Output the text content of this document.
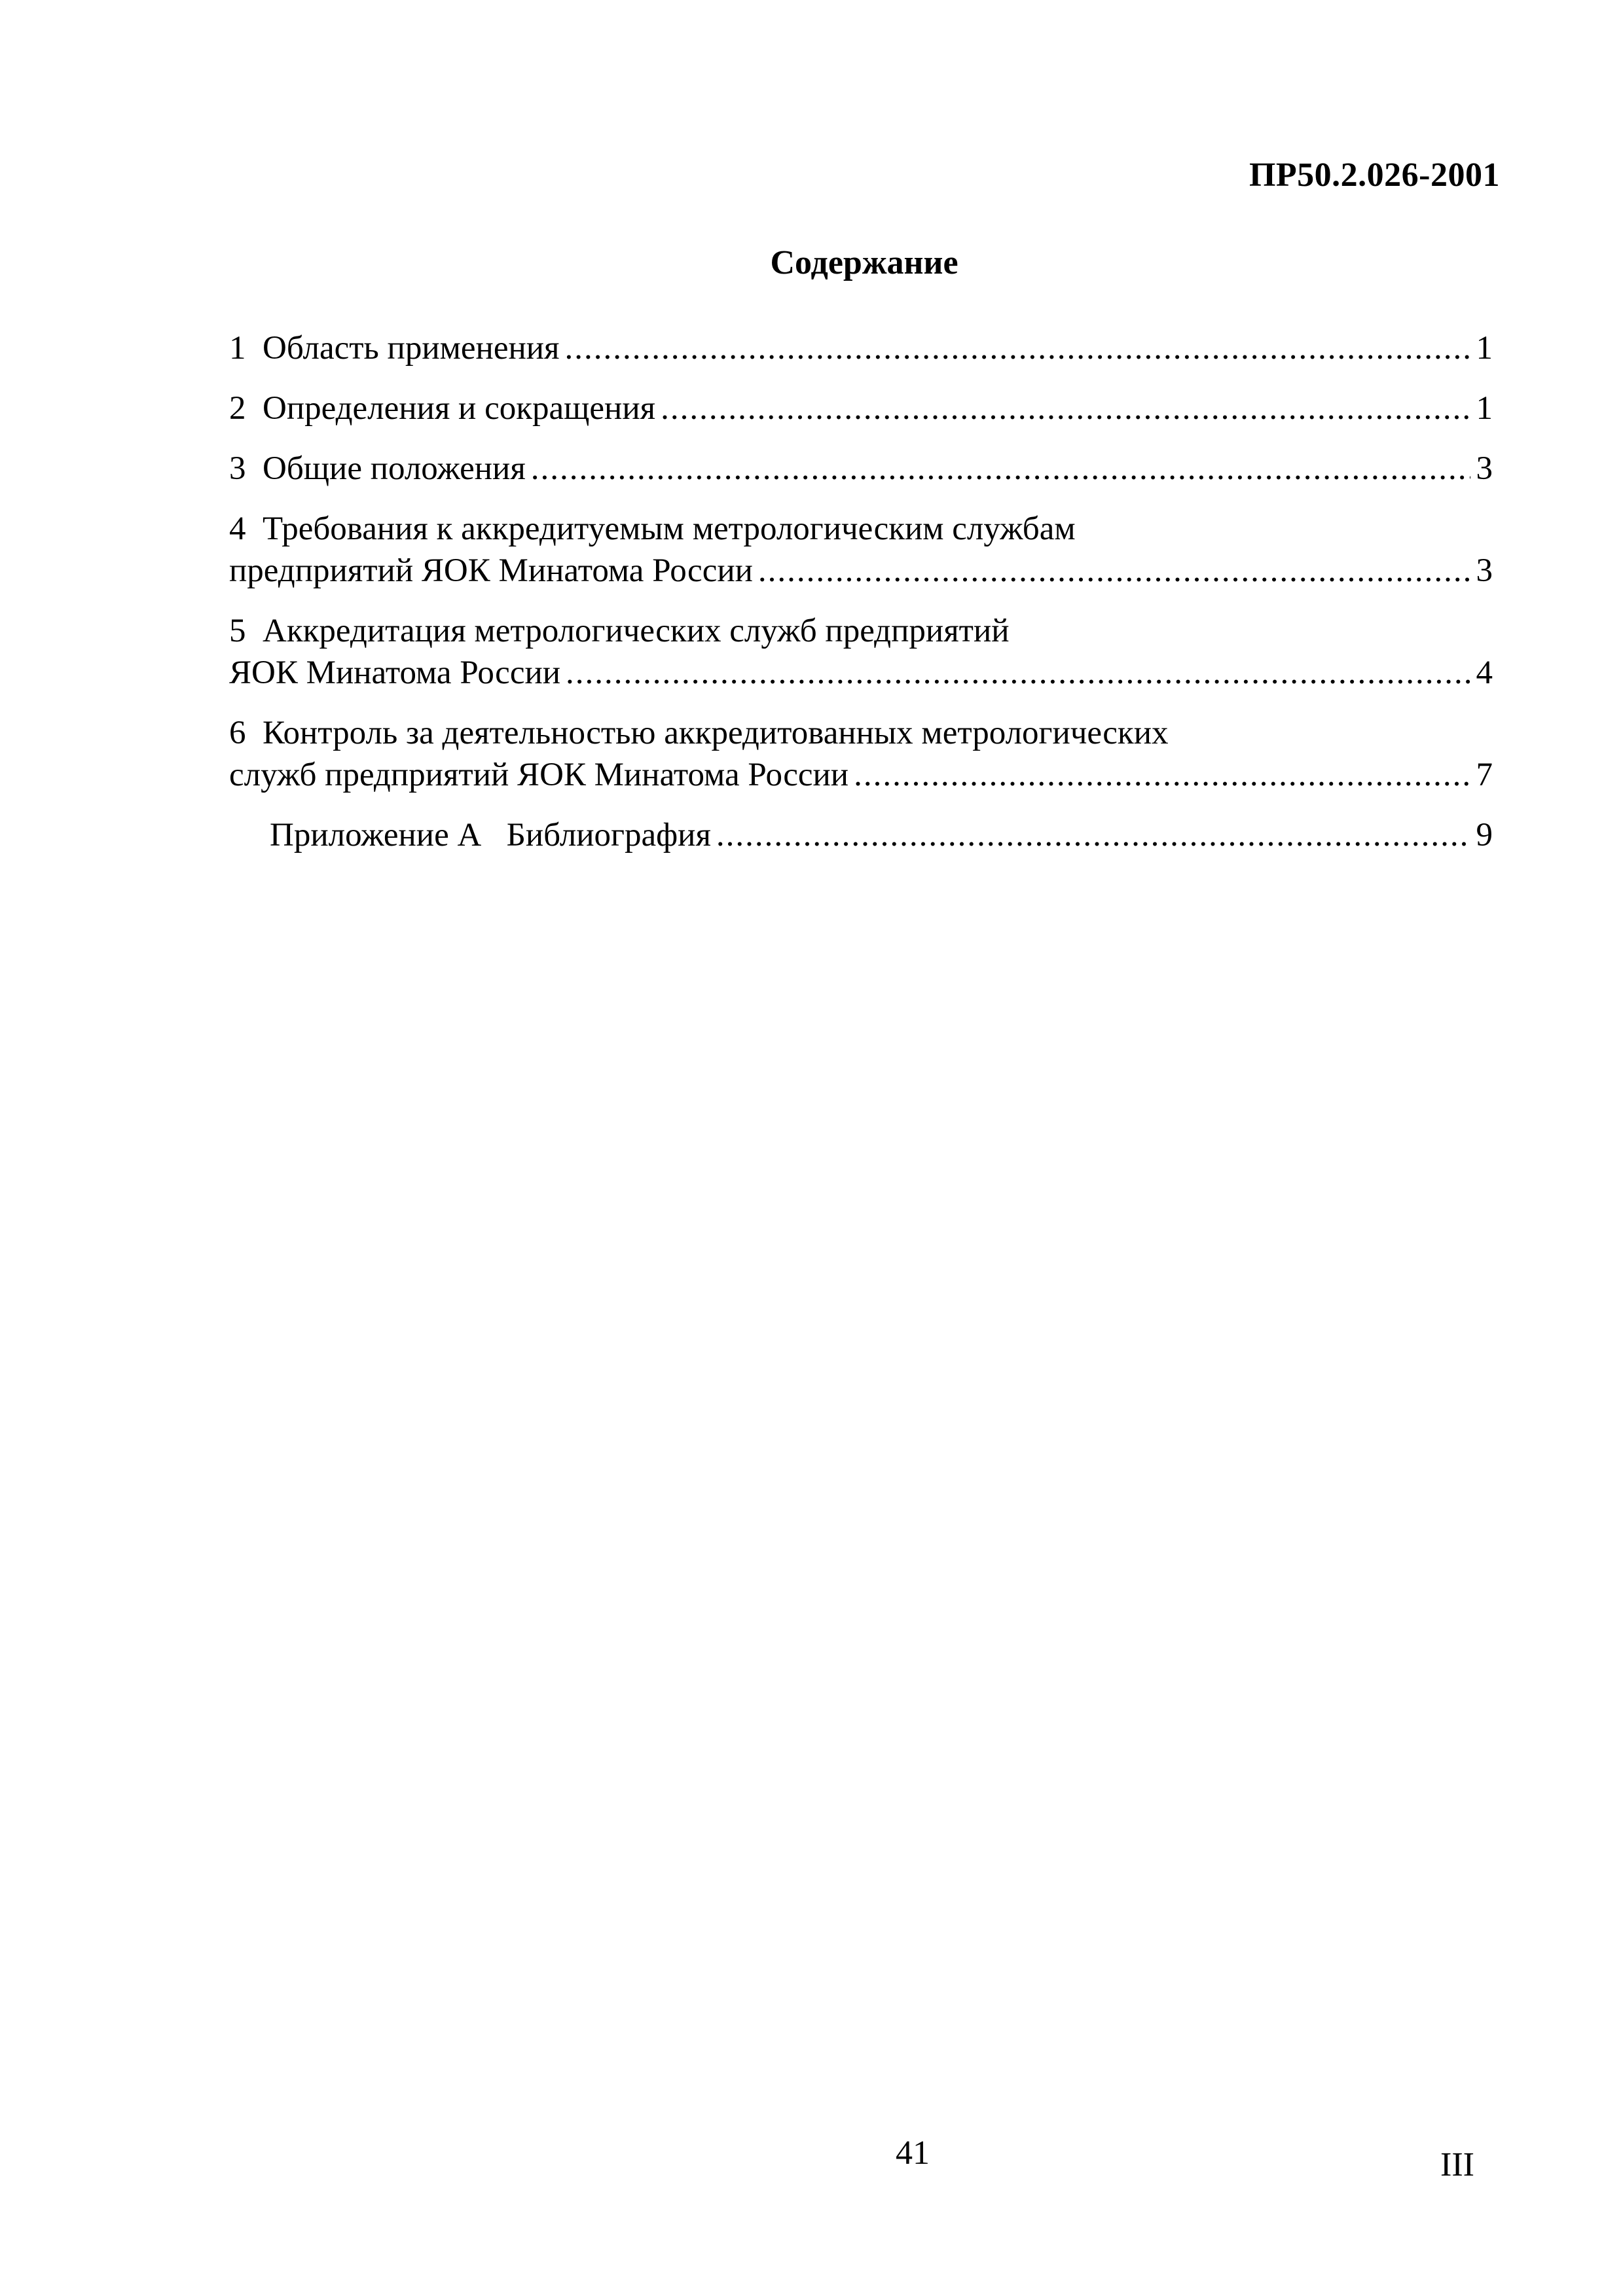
ПР50.2.026-2001
Содержание
1 Область применения .....	1
2 Определения и сокращения .....	1
3 Общие положения .....	3
4 Требования к аккредитуемым метрологическим службам
предприятий ЯОК Минатома России .....	3
5 Аккредитация метрологических служб предприятий
ЯОК Минатома России .....	4
6 Контроль за деятельностью аккредитованных метрологических
служб предприятий ЯОК Минатома России .....	7
Приложение А Библиография .....	9
41	III
